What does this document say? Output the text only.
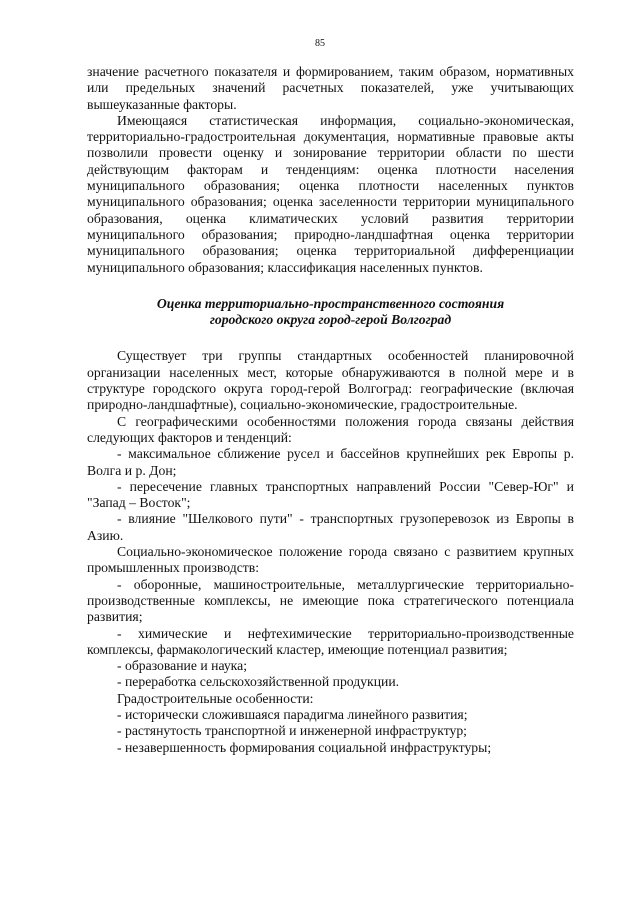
85

значение расчетного показателя и формированием, таким образом, нормативных или предельных значений расчетных показателей, уже учитывающих вышеуказанные факторы.

Имеющаяся статистическая информация, социально-экономическая, территориально-градостроительная документация, нормативные правовые акты позволили провести оценку и зонирование территории области по шести действующим факторам и тенденциям: оценка плотности населения муниципального образования; оценка плотности населенных пунктов муниципального образования; оценка заселенности территории муниципального образования, оценка климатических условий развития территории муниципального образования; природно-ландшафтная оценка территории муниципального образования; оценка территориальной дифференциации муниципального образования; классификация населенных пунктов.

Оценка территориально-пространственного состояния
городского округа город-герой Волгоград

Существует три группы стандартных особенностей планировочной организации населенных мест, которые обнаруживаются в полной мере и в структуре городского округа город-герой Волгоград: географические (включая природно-ландшафтные), социально-экономические, градостроительные.

С географическими особенностями положения города связаны действия следующих факторов и тенденций:

- максимальное сближение русел и бассейнов крупнейших рек Европы р. Волга и р. Дон;

- пересечение главных транспортных направлений России "Север-Юг" и "Запад – Восток";

- влияние "Шелкового пути" - транспортных грузоперевозок из Европы в Азию.

Социально-экономическое положение города связано с развитием крупных промышленных производств:

- оборонные, машиностроительные, металлургические территориально-производственные комплексы, не имеющие пока стратегического потенциала развития;

- химические и нефтехимические территориально-производственные комплексы, фармакологический кластер, имеющие потенциал развития;

- образование и наука;

- переработка сельскохозяйственной продукции.

Градостроительные особенности:

- исторически сложившаяся парадигма линейного развития;

- растянутость транспортной и инженерной инфраструктур;

- незавершенность формирования социальной инфраструктуры;
